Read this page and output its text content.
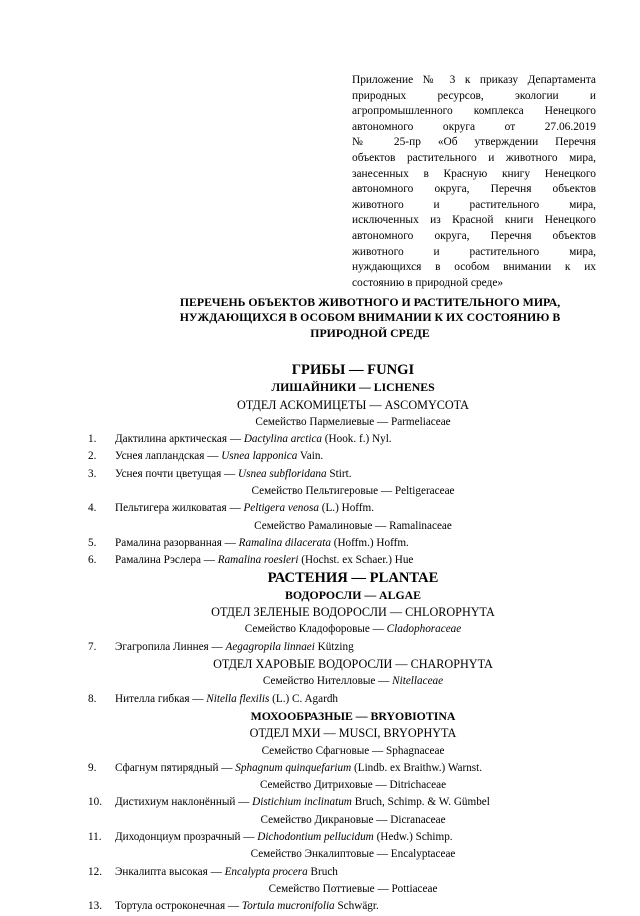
Приложение № 3 к приказу Департамента
природных ресурсов, экологии и
агропромышленного комплекса Ненецкого
автономного округа от 27.06.2019
№ 25-пр «Об утверждении Перечня
объектов растительного и животного мира,
занесенных в Красную книгу Ненецкого
автономного округа, Перечня объектов
животного и растительного мира,
исключенных из Красной книги Ненецкого
автономного округа, Перечня объектов
животного и растительного мира,
нуждающихся в особом внимании к их
состоянию в природной среде»
ПЕРЕЧЕНЬ ОБЪЕКТОВ ЖИВОТНОГО И РАСТИТЕЛЬНОГО МИРА,
НУЖДАЮЩИХСЯ В ОСОБОМ ВНИМАНИИ К ИХ СОСТОЯНИЮ В
ПРИРОДНОЙ СРЕДЕ
ГРИБЫ — FUNGI
ЛИШАЙНИКИ — LICHENES
ОТДЕЛ АСКОМИЦЕТЫ — ASCOMYCOTA
Семейство Пармелиевые — Parmeliaceae
1.	Дактилина арктическая — Dactylina arctica (Hook. f.) Nyl.
2.	Уснея лапландская — Usnea lapponica Vain.
3.	Уснея почти цветущая — Usnea subfloridana Stirt.
Семейство Пельтигеровые — Peltigeraceae
4.	Пельтигера жилковатая — Peltigera venosa (L.) Hoffm.
Семейство Рамалиновые — Ramalinaceae
5.	Рамалина разорванная — Ramalina dilacerata (Hoffm.) Hoffm.
6.	Рамалина Рэслера — Ramalina roesleri (Hochst. ex Schaer.) Hue
РАСТЕНИЯ — PLANTAE
ВОДОРОСЛИ — ALGAE
ОТДЕЛ ЗЕЛЕНЫЕ ВОДОРОСЛИ — CHLOROPHYTA
Семейство Кладофоровые — Cladophoraceae
7.	Эгагропила Линнея — Aegagropila linnaei Kützing
ОТДЕЛ ХАРОВЫЕ ВОДОРОСЛИ — CHAROPHYTA
Семейство Нителловые — Nitellaceae
8.	Нителла гибкая — Nitella flexilis (L.) C. Agardh
МОХООБРАЗНЫЕ — BRYOBIOTINA
ОТДЕЛ МХИ — MUSCI, BRYOPHYTA
Семейство Сфагновые — Sphagnaceae
9.	Сфагнум пятирядный — Sphagnum quinquefarium (Lindb. ex Braithw.) Warnst.
Семейство Дитриховые — Ditrichaceae
10.	Дистихиум наклонённый — Distichium inclinatum Bruch, Schimp. & W. Gümbel
Семейство Дикрановые — Dicranaceae
11.	Диходонциум прозрачный — Dichodontium pellucidum (Hedw.) Schimp.
Семейство Энкалиптовые — Encalyptaceae
12.	Энкалипта высокая — Encalypta procera Bruch
Семейство Поттиевые — Pottiaceae
13.	Тортула остроконечная — Tortula mucronifolia Schwägr.
